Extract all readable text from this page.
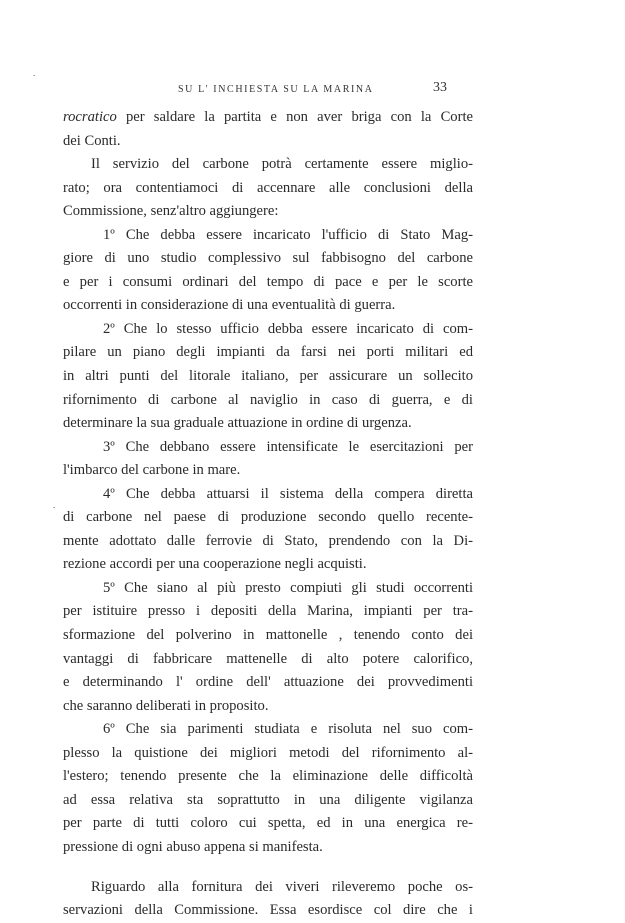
.
.
SU L' INCHIESTA SU LA MARINA	33
rocratico per saldare la partita e non aver briga con la Corte
dei Conti.
Il servizio del carbone potrà certamente essere miglio-
rato; ora contentiamoci di accennare alle conclusioni della
Commissione, senz'altro aggiungere:
1º Che debba essere incaricato l'ufficio di Stato Mag-
giore di uno studio complessivo sul fabbisogno del carbone
e per i consumi ordinari del tempo di pace e per le scorte
occorrenti in considerazione di una eventualità di guerra.
2º Che lo stesso ufficio debba essere incaricato di com-
pilare un piano degli impianti da farsi nei porti militari ed
in altri punti del litorale italiano, per assicurare un sollecito
rifornimento di carbone al naviglio in caso di guerra, e di
determinare la sua graduale attuazione in ordine di urgenza.
3º Che debbano essere intensificate le esercitazioni per
l'imbarco del carbone in mare.
4º Che debba attuarsi il sistema della compera diretta
di carbone nel paese di produzione secondo quello recente-
mente adottato dalle ferrovie di Stato, prendendo con la Di-
rezione accordi per una cooperazione negli acquisti.
5º Che siano al più presto compiuti gli studi occorrenti
per istituire presso i depositi della Marina, impianti per tra-
sformazione del polverino in mattonelle , tenendo conto dei
vantaggi di fabbricare mattenelle di alto potere calorifico,
e determinando l' ordine dell' attuazione dei provvedimenti
che saranno deliberati in proposito.
6º Che sia parimenti studiata e risoluta nel suo com-
plesso la quistione dei migliori metodi del rifornimento al-
l'estero; tenendo presente che la eliminazione delle difficoltà
ad essa relativa sta soprattutto in una diligente vigilanza
per parte di tutti coloro cui spetta, ed in una energica re-
pressione di ogni abuso appena si manifesta.
Riguardo alla fornitura dei viveri rileveremo poche os-
servazioni della Commissione. Essa esordisce col dire che i
